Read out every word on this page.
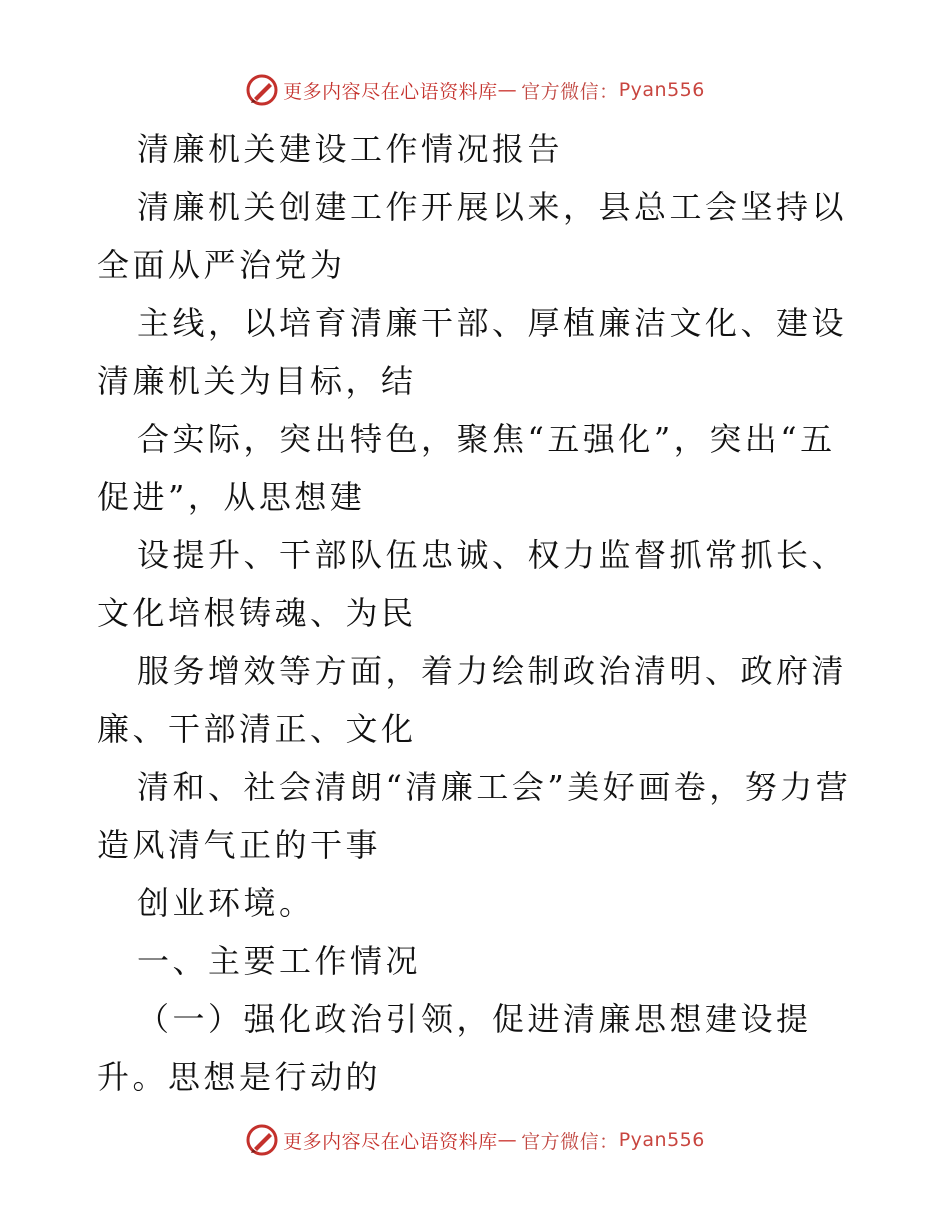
更多内容尽在心语资料库 — 官方微信： Pyan556

清廉机关建设工作情况报告

清廉机关创建工作开展以来，县总工会坚持以全面从严治党为

主线，以培育清廉干部、厚植廉洁文化、建设清廉机关为目标，结

合实际，突出特色，聚焦“五强化”，突出“五促进”，从思想建

设提升、干部队伍忠诚、权力监督抓常抓长、文化培根铸魂、为民

服务增效等方面，着力绘制政治清明、政府清廉、干部清正、文化

清和、社会清朗“清廉工会”美好画卷，努力营造风清气正的干事

创业环境。

一、主要工作情况

（一）强化政治引领，促进清廉思想建设提升。思想是行动的

更多内容尽在心语资料库 — 官方微信： Pyan556
